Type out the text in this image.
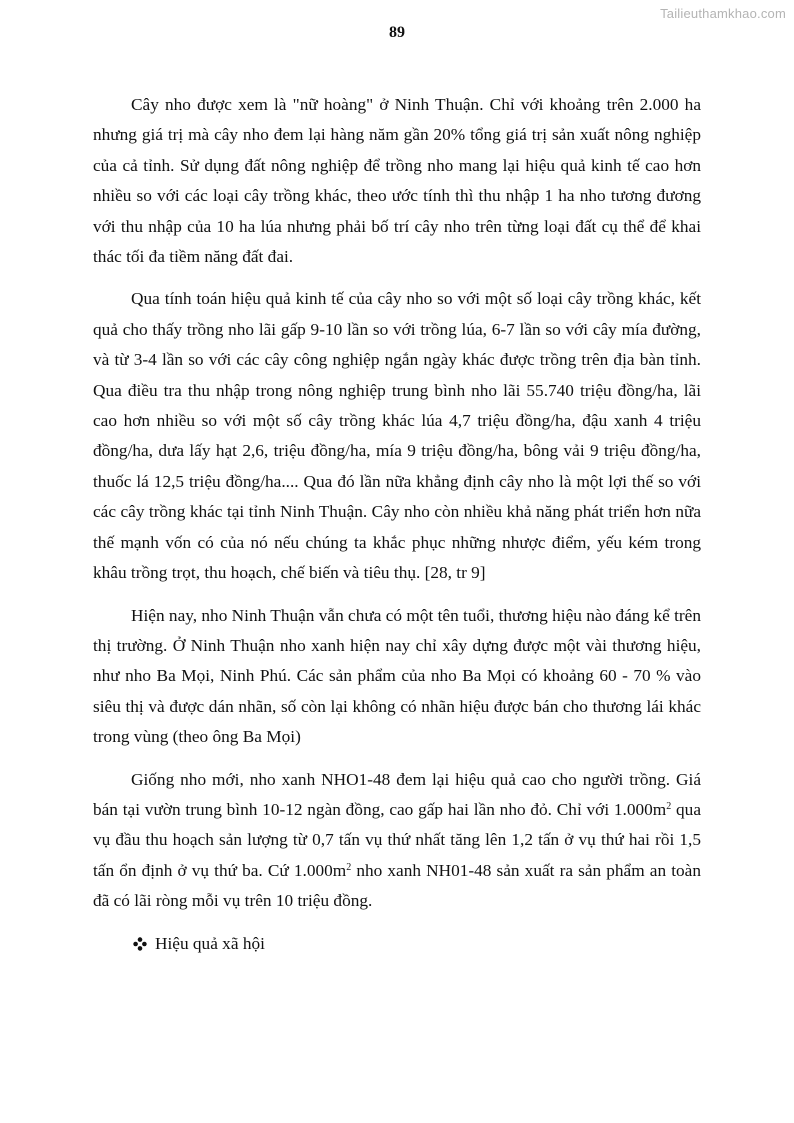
Tailieuthamkhao.com
89

Cây nho được xem là "nữ hoàng" ở Ninh Thuận. Chỉ với khoảng trên 2.000 ha nhưng giá trị mà cây nho đem lại hàng năm gần 20% tổng giá trị sản xuất nông nghiệp của cả tỉnh. Sử dụng đất nông nghiệp để trồng nho mang lại hiệu quả kinh tế cao hơn nhiều so với các loại cây trồng khác, theo ước tính thì thu nhập 1 ha nho tương đương với thu nhập của 10 ha lúa nhưng phải bố trí cây nho trên từng loại đất cụ thể để khai thác tối đa tiềm năng đất đai.

Qua tính toán hiệu quả kinh tế của cây nho so với một số loại cây trồng khác, kết quả cho thấy trồng nho lãi gấp 9-10 lần so với trồng lúa, 6-7 lần so với cây mía đường, và từ 3-4 lần so với các cây công nghiệp ngắn ngày khác được trồng trên địa bàn tỉnh. Qua điều tra thu nhập trong nông nghiệp trung bình nho lãi 55.740 triệu đồng/ha, lãi cao hơn nhiều so với một số cây trồng khác lúa 4,7 triệu đồng/ha, đậu xanh 4 triệu đồng/ha, dưa lấy hạt 2,6, triệu đồng/ha, mía 9 triệu đồng/ha, bông vải 9 triệu đồng/ha, thuốc lá 12,5 triệu đồng/ha.... Qua đó lần nữa khẳng định cây nho là một lợi thế so với các cây trồng khác tại tỉnh Ninh Thuận. Cây nho còn nhiều khả năng phát triển hơn nữa thế mạnh vốn có của nó nếu chúng ta khắc phục những nhược điểm, yếu kém trong khâu trồng trọt, thu hoạch, chế biến và tiêu thụ. [28, tr 9]

Hiện nay, nho Ninh Thuận vẫn chưa có một tên tuổi, thương hiệu nào đáng kể trên thị trường. Ở Ninh Thuận nho xanh hiện nay chỉ xây dựng được một vài thương hiệu, như nho Ba Mọi, Ninh Phú. Các sản phẩm của nho Ba Mọi có khoảng 60 - 70 % vào siêu thị và được dán nhãn, số còn lại không có nhãn hiệu được bán cho thương lái khác trong vùng (theo ông Ba Mọi)

Giống nho mới, nho xanh NHO1-48 đem lại hiệu quả cao cho người trồng. Giá bán tại vườn trung bình 10-12 ngàn đồng, cao gấp hai lần nho đỏ. Chỉ với $1.000m^2$ qua vụ đầu thu hoạch sản lượng từ 0,7 tấn vụ thứ nhất tăng lên 1,2 tấn ở vụ thứ hai rồi 1,5 tấn ổn định ở vụ thứ ba. Cứ $1.000m^2$ nho xanh NH01-48 sản xuất ra sản phẩm an toàn đã có lãi ròng mỗi vụ trên 10 triệu đồng.

Hiệu quả xã hội
